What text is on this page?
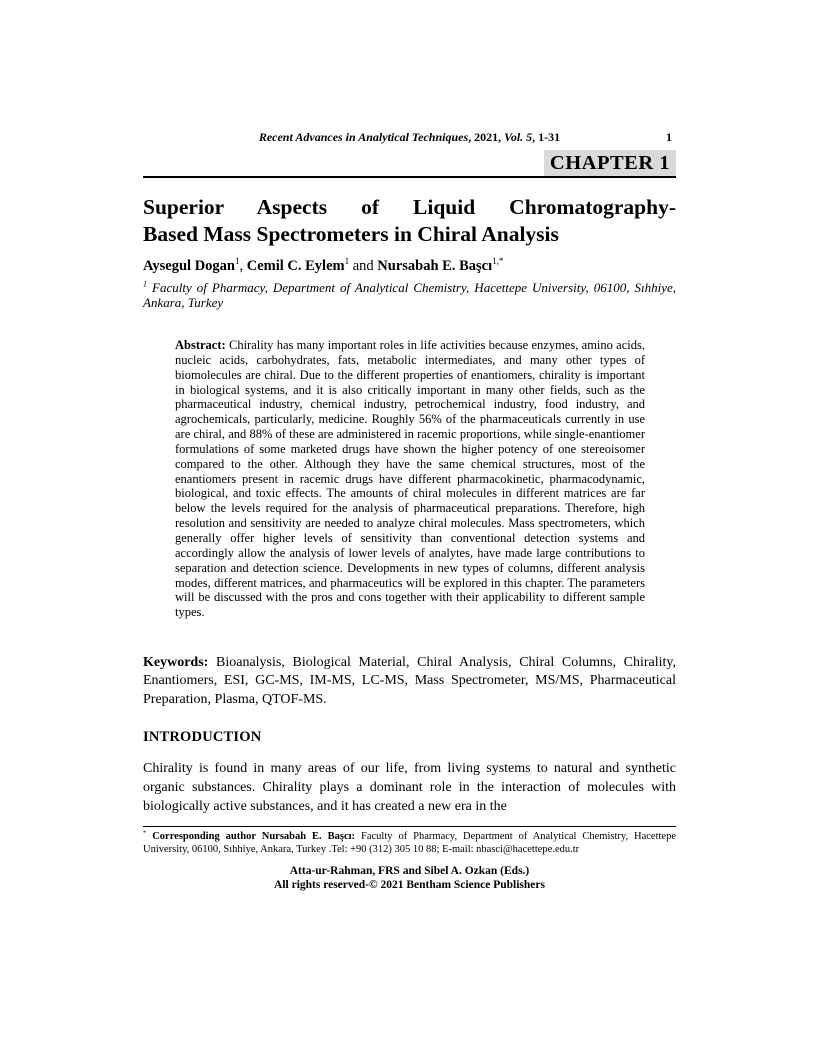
Recent Advances in Analytical Techniques, 2021, Vol. 5, 1-31	1
CHAPTER 1
Superior Aspects of Liquid Chromatography-
Based Mass Spectrometers in Chiral Analysis
Aysegul Dogan$^1$, Cemil C. Eylem$^1$ and Nursabah E. Başcı$^{1,*}$
$^1$ Faculty of Pharmacy, Department of Analytical Chemistry, Hacettepe University, 06100, Sıhhiye, Ankara, Turkey
Abstract: Chirality has many important roles in life activities because enzymes, amino acids, nucleic acids, carbohydrates, fats, metabolic intermediates, and many other types of biomolecules are chiral. Due to the different properties of enantiomers, chirality is important in biological systems, and it is also critically important in many other fields, such as the pharmaceutical industry, chemical industry, petrochemical industry, food industry, and agrochemicals, particularly, medicine. Roughly 56% of the pharmaceuticals currently in use are chiral, and 88% of these are administered in racemic proportions, while single-enantiomer formulations of some marketed drugs have shown the higher potency of one stereoisomer compared to the other. Although they have the same chemical structures, most of the enantiomers present in racemic drugs have different pharmacokinetic, pharmacodynamic, biological, and toxic effects. The amounts of chiral molecules in different matrices are far below the levels required for the analysis of pharmaceutical preparations. Therefore, high resolution and sensitivity are needed to analyze chiral molecules. Mass spectrometers, which generally offer higher levels of sensitivity than conventional detection systems and accordingly allow the analysis of lower levels of analytes, have made large contributions to separation and detection science. Developments in new types of columns, different analysis modes, different matrices, and pharmaceutics will be explored in this chapter. The parameters will be discussed with the pros and cons together with their applicability to different sample types.
Keywords: Bioanalysis, Biological Material, Chiral Analysis, Chiral Columns, Chirality, Enantiomers, ESI, GC-MS, IM-MS, LC-MS, Mass Spectrometer, MS/MS, Pharmaceutical Preparation, Plasma, QTOF-MS.
INTRODUCTION
Chirality is found in many areas of our life, from living systems to natural and synthetic organic substances. Chirality plays a dominant role in the interaction of molecules with biologically active substances, and it has created a new era in the
* Corresponding author Nursabah E. Başcı: Faculty of Pharmacy, Department of Analytical Chemistry, Hacettepe University, 06100, Sıhhiye, Ankara, Turkey .Tel: +90 (312) 305 10 88; E-mail: nbasci@hacettepe.edu.tr
Atta-ur-Rahman, FRS and Sibel A. Ozkan (Eds.)
All rights reserved-© 2021 Bentham Science Publishers
